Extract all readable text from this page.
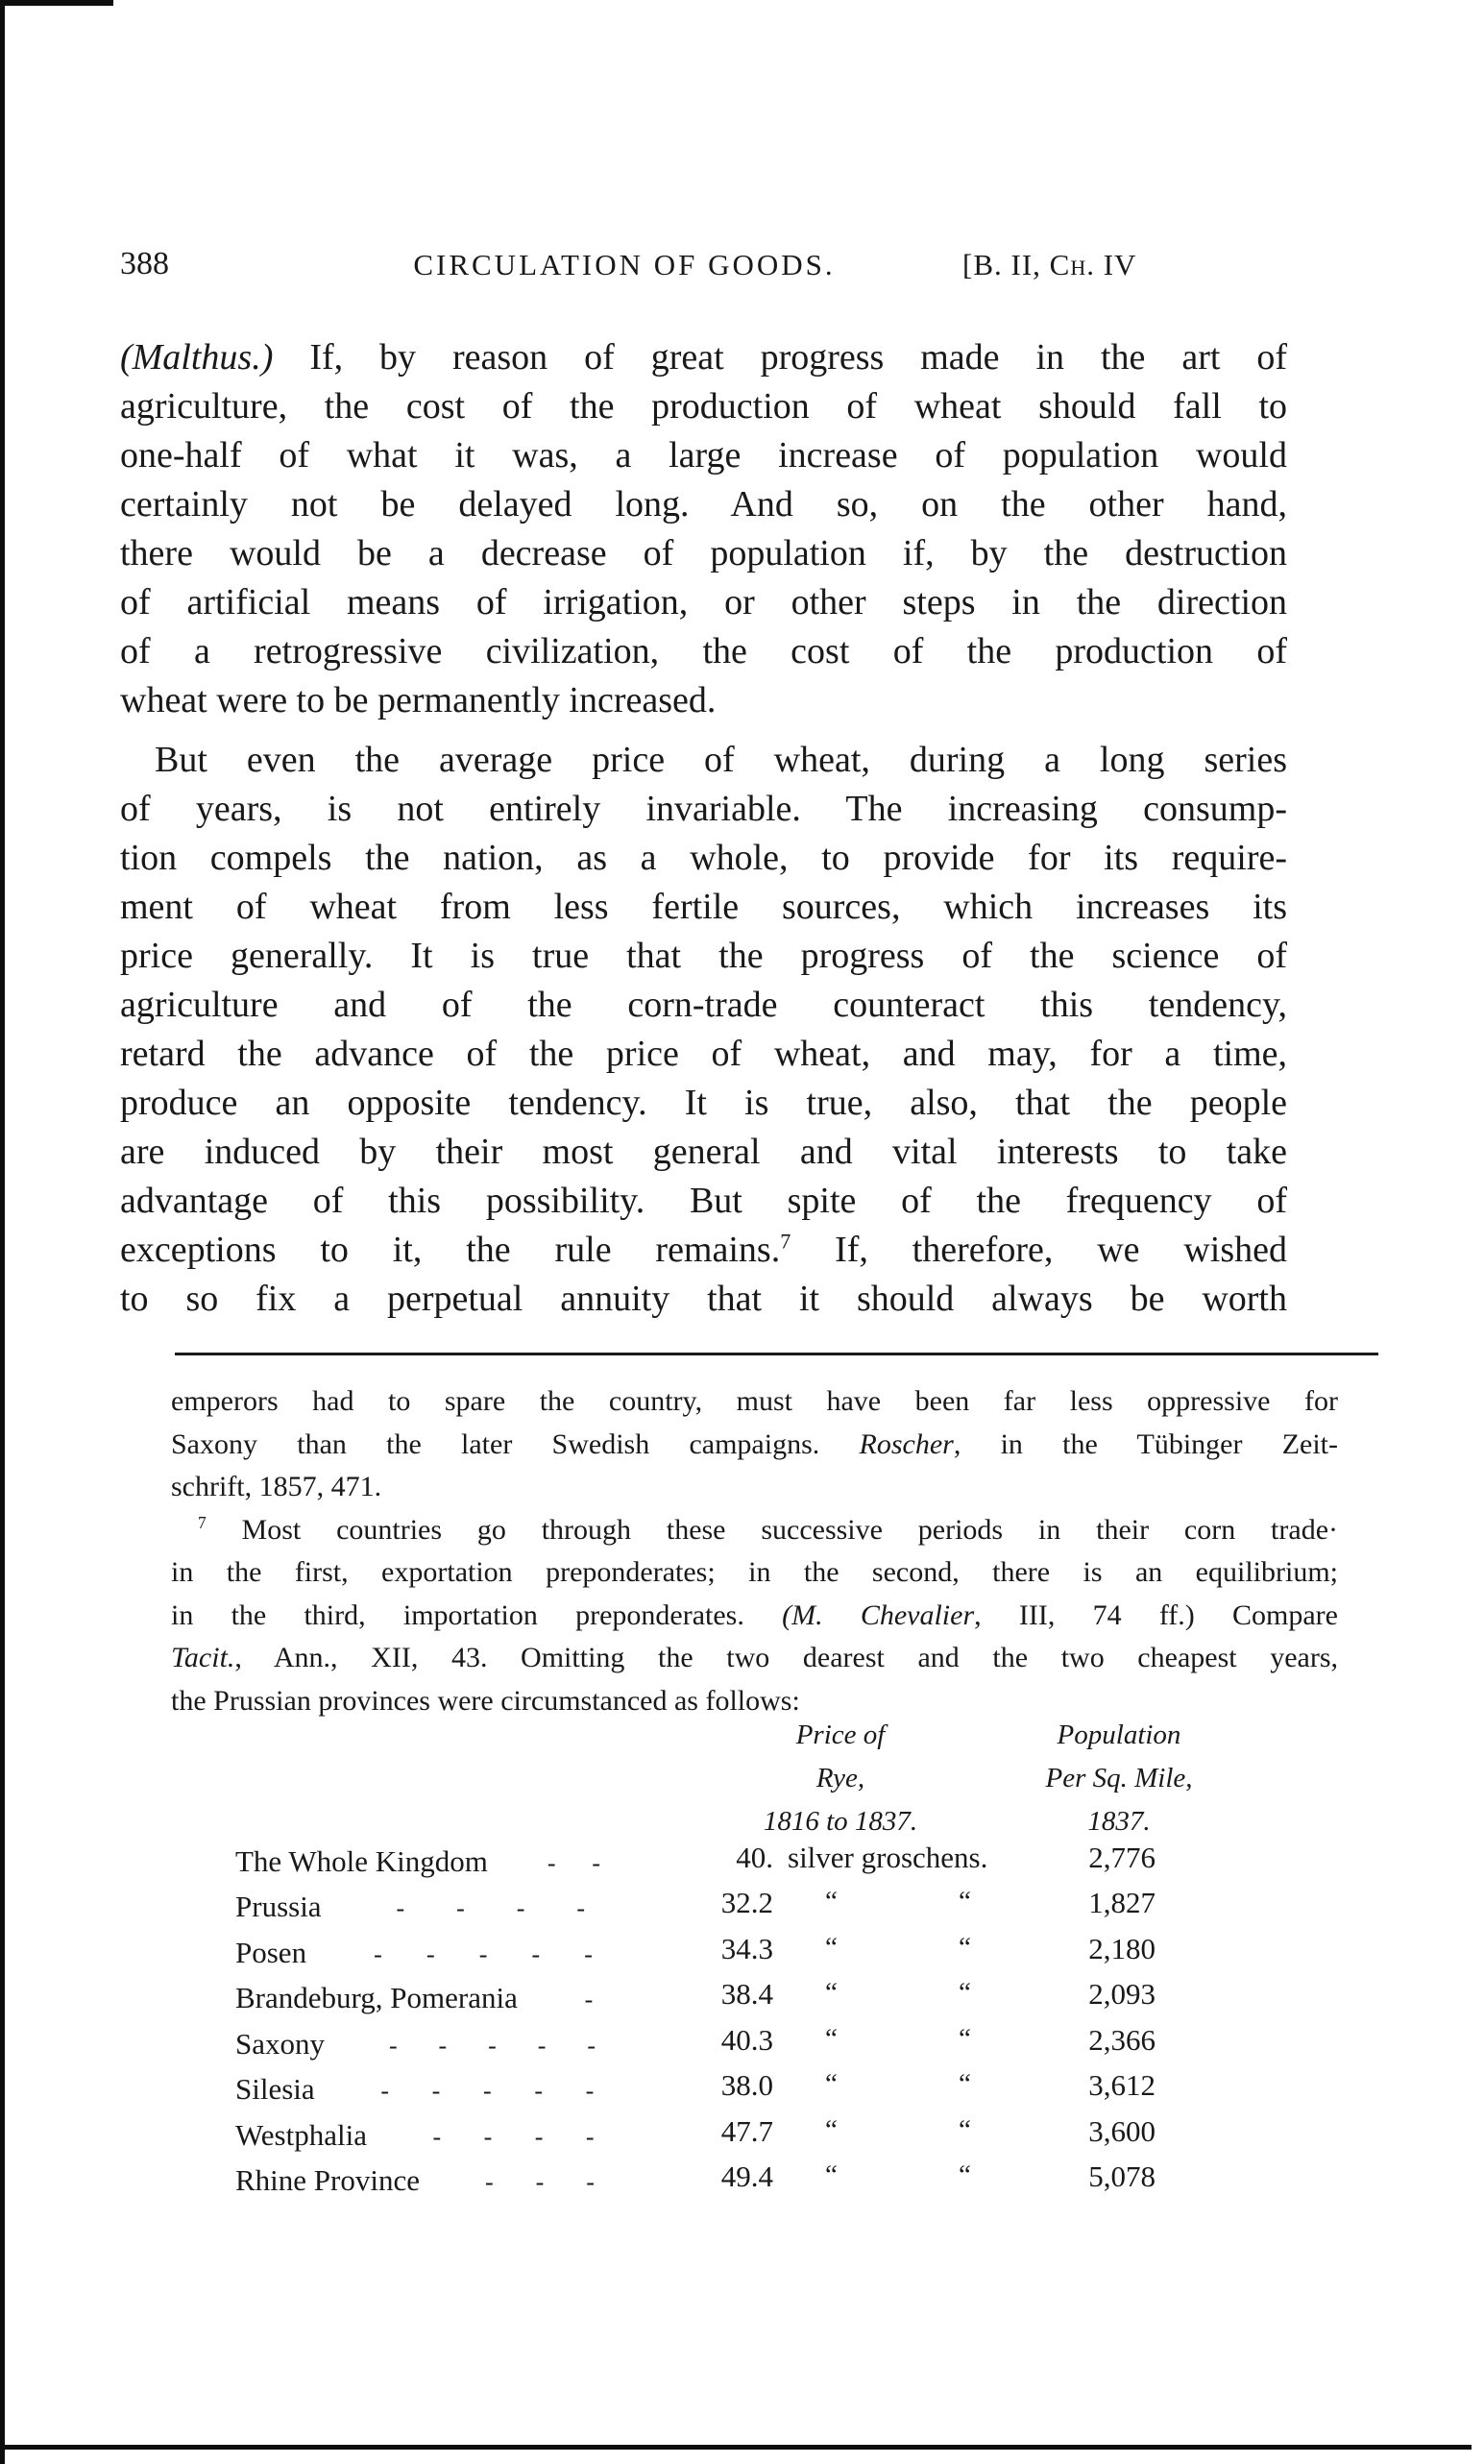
388	CIRCULATION OF GOODS.	[B. II, Ch. IV
(Malthus.) If, by reason of great progress made in the art of
agriculture, the cost of the production of wheat should fall to
one-half of what it was, a large increase of population would
certainly not be delayed long. And so, on the other hand,
there would be a decrease of population if, by the destruction
of artificial means of irrigation, or other steps in the direction
of a retrogressive civilization, the cost of the production of
wheat were to be permanently increased.
But even the average price of wheat, during a long series
of years, is not entirely invariable. The increasing consump-
tion compels the nation, as a whole, to provide for its require-
ment of wheat from less fertile sources, which increases its
price generally. It is true that the progress of the science of
agriculture and of the corn-trade counteract this tendency,
retard the advance of the price of wheat, and may, for a time,
produce an opposite tendency. It is true, also, that the people
are induced by their most general and vital interests to take
advantage of this possibility. But spite of the frequency of
exceptions to it, the rule remains.$^7$ If, therefore, we wished
to so fix a perpetual annuity that it should always be worth
emperors had to spare the country, must have been far less oppressive for
Saxony than the later Swedish campaigns. Roscher, in the Tübinger Zeit-
schrift, 1857, 471.
$^7$ Most countries go through these successive periods in their corn trade·
in the first, exportation preponderates; in the second, there is an equilibrium;
in the third, importation preponderates. (M. Chevalier, III, 74 ff.) Compare
Tacit., Ann., XII, 43. Omitting the two dearest and the two cheapest years,
the Prussian provinces were circumstanced as follows:
Price of
Rye,
1816 to 1837.
Population
Per Sq. Mile,
1837.
The Whole Kingdom - -	40. silver groschens.	2,776
Prussia	- - - -	32.2 “	“	1,827
Posen	- - - - -	34.3 “	“	2,180
Brandeburg, Pomerania	-	38.4 “	“	2,093
Saxony	- - - - -	40.3 “	“	2,366
Silesia	- - - - -	38.0 “	“	3,612
Westphalia	- - - -	47.7 “	“	3,600
Rhine Province	- - -	49.4 “	“	5,078
